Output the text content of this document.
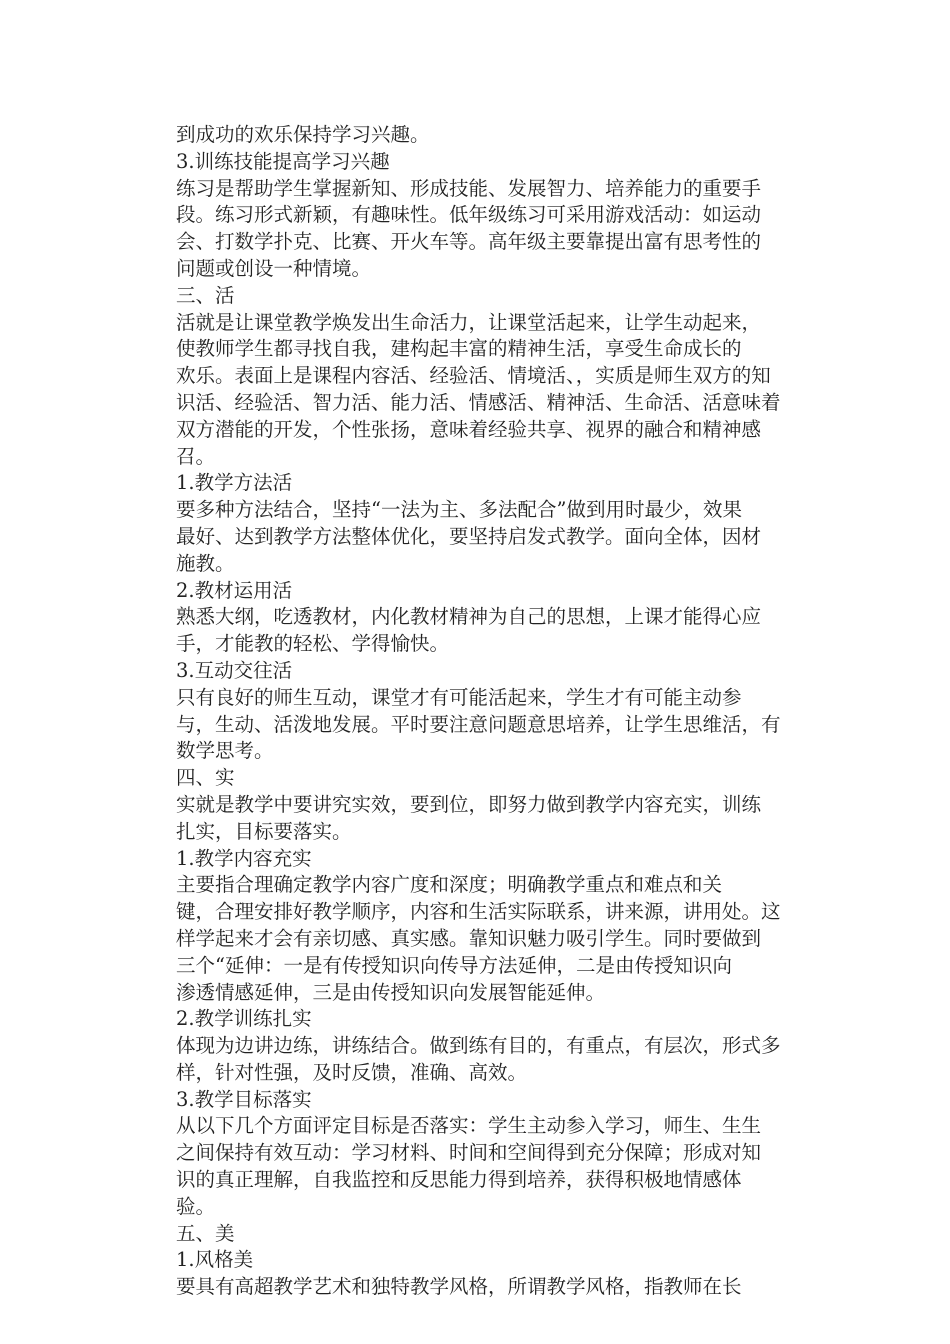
到成功的欢乐保持学习兴趣。
3.训练技能提高学习兴趣
练习是帮助学生掌握新知、形成技能、发展智力、培养能力的重要手
段。练习形式新颖，有趣味性。低年级练习可采用游戏活动：如运动
会、打数学扑克、比赛、开火车等。高年级主要靠提出富有思考性的
问题或创设一种情境。
三、活
活就是让课堂教学焕发出生命活力，让课堂活起来，让学生动起来，
使教师学生都寻找自我，建构起丰富的精神生活，享受生命成长的
欢乐。表面上是课程内容活、经验活、情境活、，实质是师生双方的知
识活、经验活、智力活、能力活、情感活、精神活、生命活、活意味着
双方潜能的开发，个性张扬，意味着经验共享、视界的融合和精神感
召。
1.教学方法活
要多种方法结合，坚持“一法为主、多法配合”做到用时最少，效果
最好、达到教学方法整体优化，要坚持启发式教学。面向全体，因材
施教。
2.教材运用活
熟悉大纲，吃透教材，内化教材精神为自己的思想，上课才能得心应
手，才能教的轻松、学得愉快。
3.互动交往活
只有良好的师生互动，课堂才有可能活起来，学生才有可能主动参
与，生动、活泼地发展。平时要注意问题意思培养，让学生思维活，有
数学思考。
四、实
实就是教学中要讲究实效，要到位，即努力做到教学内容充实，训练
扎实，目标要落实。
1.教学内容充实
主要指合理确定教学内容广度和深度；明确教学重点和难点和关
键，合理安排好教学顺序，内容和生活实际联系，讲来源，讲用处。这
样学起来才会有亲切感、真实感。靠知识魅力吸引学生。同时要做到
三个“延伸：一是有传授知识向传导方法延伸，二是由传授知识向
渗透情感延伸，三是由传授知识向发展智能延伸。
2.教学训练扎实
体现为边讲边练，讲练结合。做到练有目的，有重点，有层次，形式多
样，针对性强，及时反馈，准确、高效。
3.教学目标落实
从以下几个方面评定目标是否落实：学生主动参入学习，师生、生生
之间保持有效互动：学习材料、时间和空间得到充分保障；形成对知
识的真正理解，自我监控和反思能力得到培养，获得积极地情感体
验。
五、美
1.风格美
要具有高超教学艺术和独特教学风格，所谓教学风格，指教师在长
